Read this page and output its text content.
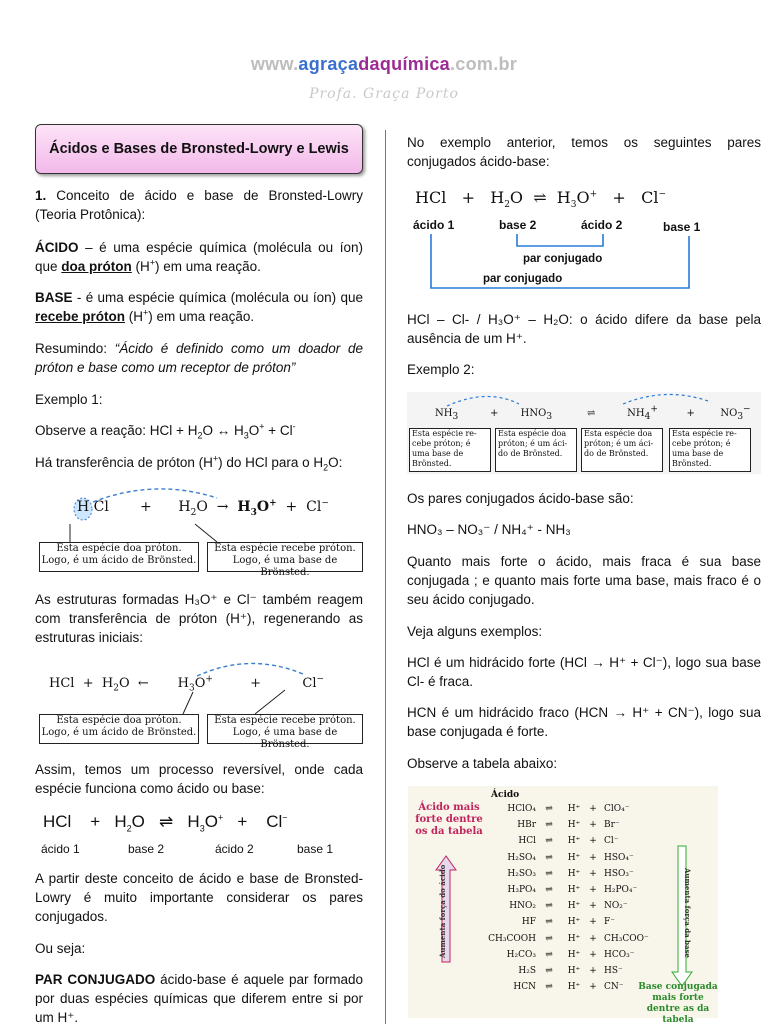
www.agraçadaquímica.com.br
Profa. Graça Porto
Ácidos e Bases de Bronsted-Lowry e Lewis

1. Conceito de ácido e base de Bronsted-Lowry (Teoria Protônica):

ÁCIDO – é uma espécie química (molécula ou íon) que doa próton (H+) em uma reação.

BASE - é uma espécie química (molécula ou íon) que recebe próton (H+) em uma reação.

Resumindo: “Ácido é definido como um doador de próton e base como um receptor de próton”

Exemplo 1:

Observe a reação: HCl + $H_2O$ ↔ $H_3O^+ + Cl^-$

Há transferência de próton (H+) do HCl para o $H_2O$:

H Cl       +      $H_2O \to H_3O^+ + Cl^-$
Esta espécie doa próton.
Logo, é um ácido de Brönsted.
Esta espécie recebe próton.
Logo, é uma base de Brönsted.

As estruturas formadas H₃O⁺ e Cl⁻ também reagem com transferência de próton (H⁺), regenerando as estruturas iniciais:

HCl  +  $H_2O$  ←       $H_3O^+$         +          Cl−
Esta espécie doa próton.
Logo, é um ácido de Brönsted.
Esta espécie recebe próton.
Logo, é uma base de Brönsted.

Assim, temos um processo reversível, onde cada espécie funciona como ácido ou base:

HCl    +   $H_2O$   ⇌   $H_3O^+$   +    Cl−
ácido 1	base 2	ácido 2	base 1

A partir deste conceito de ácido e base de Bronsted-Lowry é muito importante considerar os pares conjugados.

Ou seja:

PAR CONJUGADO ácido-base é aquele par formado por duas espécies químicas que diferem entre si por um H⁺.

No exemplo anterior, temos os seguintes pares conjugados ácido-base:

HCl   +   $H_2O$  ⇌  $H_3O^+ + Cl^-$
ácido 1	base 2	ácido 2	base 1
par conjugado
par conjugado

HCl – Cl- / H₃O⁺ – H₂O: o ácido difere da base pela ausência de um H⁺.

Exemplo 2:

$NH_3$          +       $HNO_3$           ⇌          $NH_4^+$         +        $NO_3^-$
Esta espécie re-
cebe próton; é
uma base de
Brönsted.
Esta espécie doa
próton; é um áci-
do de Brönsted.
Esta espécie doa
próton; é um áci-
do de Brönsted.
Esta espécie re-
cebe próton; é
uma base de
Brönsted.

Os pares conjugados ácido-base são:

HNO₃ – NO₃⁻ / NH₄⁺ - NH₃

Quanto mais forte o ácido, mais fraca é sua base conjugada ; e quanto mais forte uma base, mais fraco é o seu ácido conjugado.

Veja alguns exemplos:

HCl é um hidrácido forte (HCl → H⁺ + Cl⁻), logo sua base Cl- é fraca.

HCN é um hidrácido fraco (HCN → H⁺ + CN⁻), logo sua base conjugada é forte.

Observe a tabela abaixo:

Ácido
Ácido mais forte dentre os da tabela
Aumenta força do ácido	Aumenta força da base
Base conjugada mais forte dentre as da tabela
HClO₄	⇌	H⁺ + ClO₄⁻
HBr	⇌	H⁺ + Br⁻
HCl	⇌	H⁺ + Cl⁻
H₂SO₄	⇌	H⁺ + HSO₄⁻
H₂SO₃	⇌	H⁺ + HSO₃⁻
H₃PO₄	⇌	H⁺ + H₂PO₄⁻
HNO₂	⇌	H⁺ + NO₂⁻
HF	⇌	H⁺ + F⁻
CH₃COOH	⇌	H⁺ + CH₃COO⁻
H₂CO₃	⇌	H⁺ + HCO₃⁻
H₂S	⇌	H⁺ + HS⁻
HCN	⇌	H⁺ + CN⁻
